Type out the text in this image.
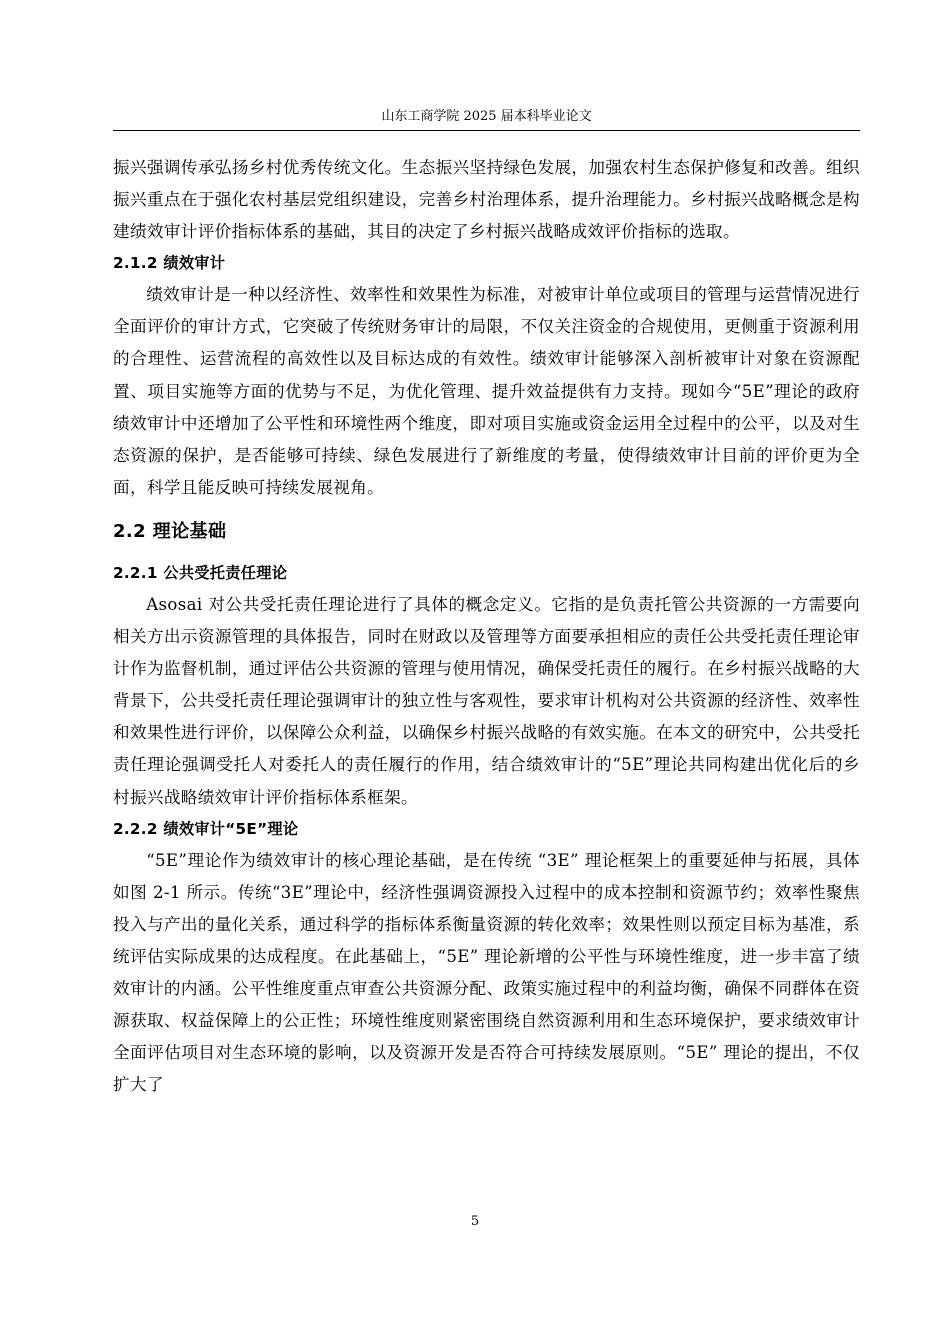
山东工商学院 2025 届本科毕业论文

振兴强调传承弘扬乡村优秀传统文化。生态振兴坚持绿色发展，加强农村生态保护修复和改善。组织振兴重点在于强化农村基层党组织建设，完善乡村治理体系，提升治理能力。乡村振兴战略概念是构建绩效审计评价指标体系的基础，其目的决定了乡村振兴战略成效评价指标的选取。

2.1.2 绩效审计

绩效审计是一种以经济性、效率性和效果性为标准，对被审计单位或项目的管理与运营情况进行全面评价的审计方式，它突破了传统财务审计的局限，不仅关注资金的合规使用，更侧重于资源利用的合理性、运营流程的高效性以及目标达成的有效性。绩效审计能够深入剖析被审计对象在资源配置、项目实施等方面的优势与不足，为优化管理、提升效益提供有力支持。现如今“5E”理论的政府绩效审计中还增加了公平性和环境性两个维度，即对项目实施或资金运用全过程中的公平，以及对生态资源的保护，是否能够可持续、绿色发展进行了新维度的考量，使得绩效审计目前的评价更为全面，科学且能反映可持续发展视角。

2.2 理论基础
2.2.1 公共受托责任理论

Asosai 对公共受托责任理论进行了具体的概念定义。它指的是负责托管公共资源的一方需要向相关方出示资源管理的具体报告，同时在财政以及管理等方面要承担相应的责任公共受托责任理论审计作为监督机制，通过评估公共资源的管理与使用情况，确保受托责任的履行。在乡村振兴战略的大背景下，公共受托责任理论强调审计的独立性与客观性，要求审计机构对公共资源的经济性、效率性和效果性进行评价，以保障公众利益，以确保乡村振兴战略的有效实施。在本文的研究中，公共受托责任理论强调受托人对委托人的责任履行的作用，结合绩效审计的“5E”理论共同构建出优化后的乡村振兴战略绩效审计评价指标体系框架。

2.2.2 绩效审计“5E”理论

“5E”理论作为绩效审计的核心理论基础，是在传统 “3E” 理论框架上的重要延伸与拓展，具体如图 2-1 所示。传统“3E”理论中，经济性强调资源投入过程中的成本控制和资源节约；效率性聚焦投入与产出的量化关系，通过科学的指标体系衡量资源的转化效率；效果性则以预定目标为基准，系统评估实际成果的达成程度。在此基础上，“5E” 理论新增的公平性与环境性维度，进一步丰富了绩效审计的内涵。公平性维度重点审查公共资源分配、政策实施过程中的利益均衡，确保不同群体在资源获取、权益保障上的公正性；环境性维度则紧密围绕自然资源利用和生态环境保护，要求绩效审计全面评估项目对生态环境的影响，以及资源开发是否符合可持续发展原则。“5E” 理论的提出，不仅扩大了

5
